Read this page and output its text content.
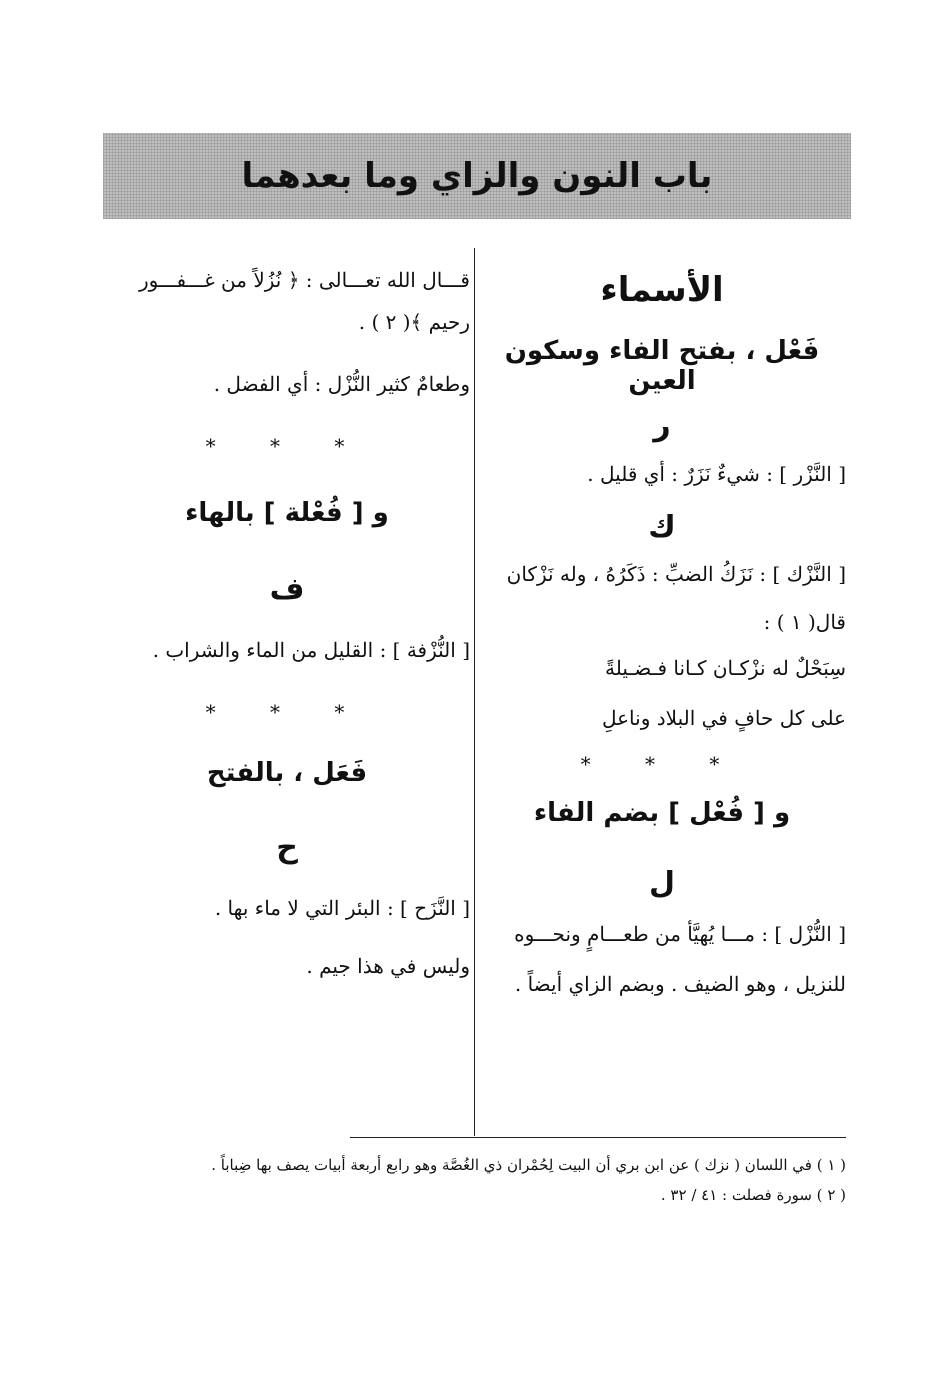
باب النون والزاي وما بعدهما
الأسماء
فَعْل ، بفتح الفاء وسكون العين
ر
[ النَّزْر ] : شيءٌ نَزَرٌ : أي قليل .
ك
[ النَّزْك ] : نَزَكُ الضبِّ : ذَكَرُهُ ، وله نَزْكان
قال( ١ ) :
سِبَحْلٌ له نزْكـان كـانا فـضـيلةً
على كل حافٍ في البلاد وناعلِ
* * *
و [ فُعْل ] بضم الفاء
ل
[ النُّزْل ] : مـــا يُهيَّأ من طعـــامٍ ونحـــوه
للنزيل ، وهو الضيف . وبضم الزاي أيضاً .
قـــال الله تعـــالى : ﴿ نُزُلاً من غـــفـــور
رحيم ﴾( ٢ ) .
وطعامٌ كثير النُّزْل : أي الفضل .
* * *
و [ فُعْلة ] بالهاء
ف
[ النُّزْفة ] : القليل من الماء والشراب .
* * *
فَعَل ، بالفتح
ح
[ النَّزَح ] : البئر التي لا ماء بها .
وليس في هذا جيم .
( ١ ) في اللسان ( نزك ) عن ابن بري أن البيت لِحُمْران ذي الغُصَّة وهو رابع أربعة أبيات يصف بها ضِباباً .
( ٢ ) سورة فصلت : ٤١ / ٣٢ .
